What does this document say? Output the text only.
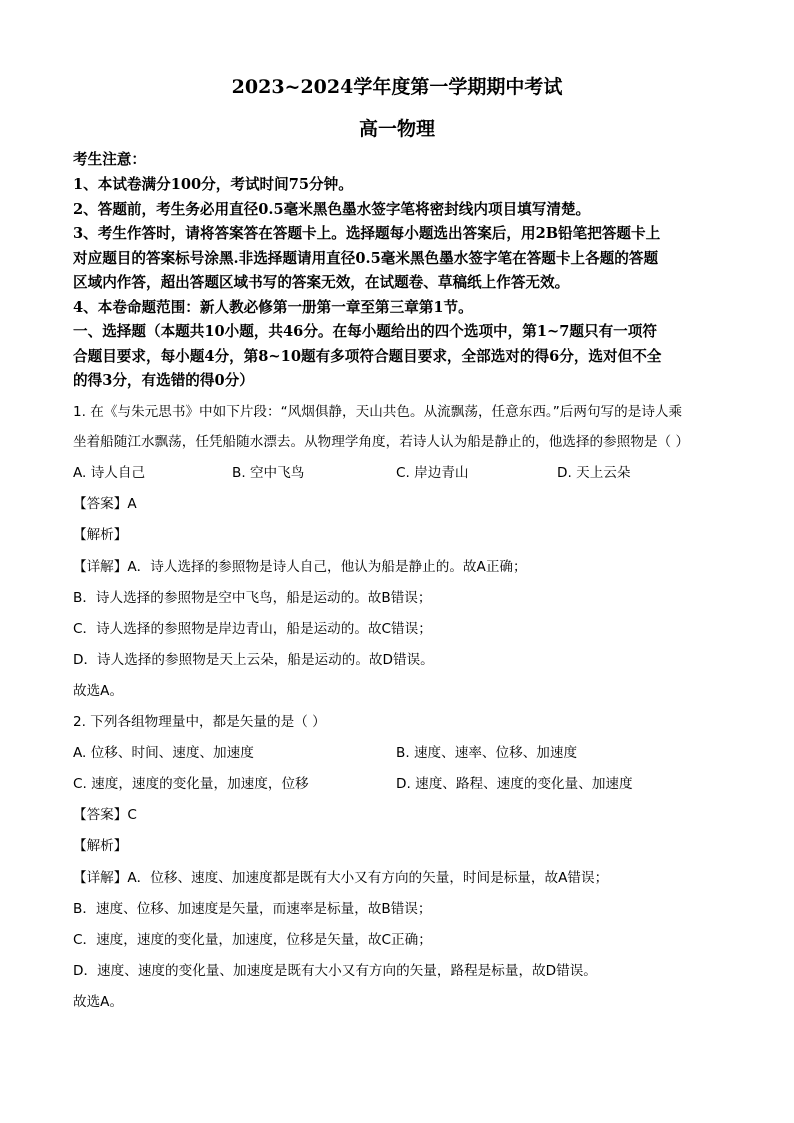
2023~2024学年度第一学期期中考试
高一物理
考生注意：
1、本试卷满分100分，考试时间75分钟。
2、答题前，考生务必用直径0.5毫米黑色墨水签字笔将密封线内项目填写清楚。
3、考生作答时，请将答案答在答题卡上。选择题每小题选出答案后，用2B铅笔把答题卡上
对应题目的答案标号涂黑.非选择题请用直径0.5毫米黑色墨水签字笔在答题卡上各题的答题
区域内作答，超出答题区域书写的答案无效，在试题卷、草稿纸上作答无效。
4、本卷命题范围：新人教必修第一册第一章至第三章第1节。
一、选择题（本题共10小题，共46分。在每小题给出的四个选项中，第1~7题只有一项符
合题目要求，每小题4分，第8~10题有多项符合题目要求，全部选对的得6分，选对但不全
的得3分，有选错的得0分）
1. 在《与朱元思书》中如下片段：“风烟俱静，天山共色。从流飘荡，任意东西。”后两句写的是诗人乘
坐着船随江水飘荡，任凭船随水漂去。从物理学角度，若诗人认为船是静止的，他选择的参照物是（ ）
A. 诗人自己	B. 空中飞鸟	C. 岸边青山	D. 天上云朵
【答案】A
【解析】
【详解】A．诗人选择的参照物是诗人自己，他认为船是静止的。故A正确；
B．诗人选择的参照物是空中飞鸟，船是运动的。故B错误；
C．诗人选择的参照物是岸边青山，船是运动的。故C错误；
D．诗人选择的参照物是天上云朵，船是运动的。故D错误。
故选A。
2. 下列各组物理量中，都是矢量的是（ ）
A. 位移、时间、速度、加速度	B. 速度、速率、位移、加速度
C. 速度，速度的变化量，加速度，位移	D. 速度、路程、速度的变化量、加速度
【答案】C
【解析】
【详解】A．位移、速度、加速度都是既有大小又有方向的矢量，时间是标量，故A错误；
B．速度、位移、加速度是矢量，而速率是标量，故B错误；
C．速度，速度的变化量，加速度，位移是矢量，故C正确；
D．速度、速度的变化量、加速度是既有大小又有方向的矢量，路程是标量，故D错误。
故选A。
